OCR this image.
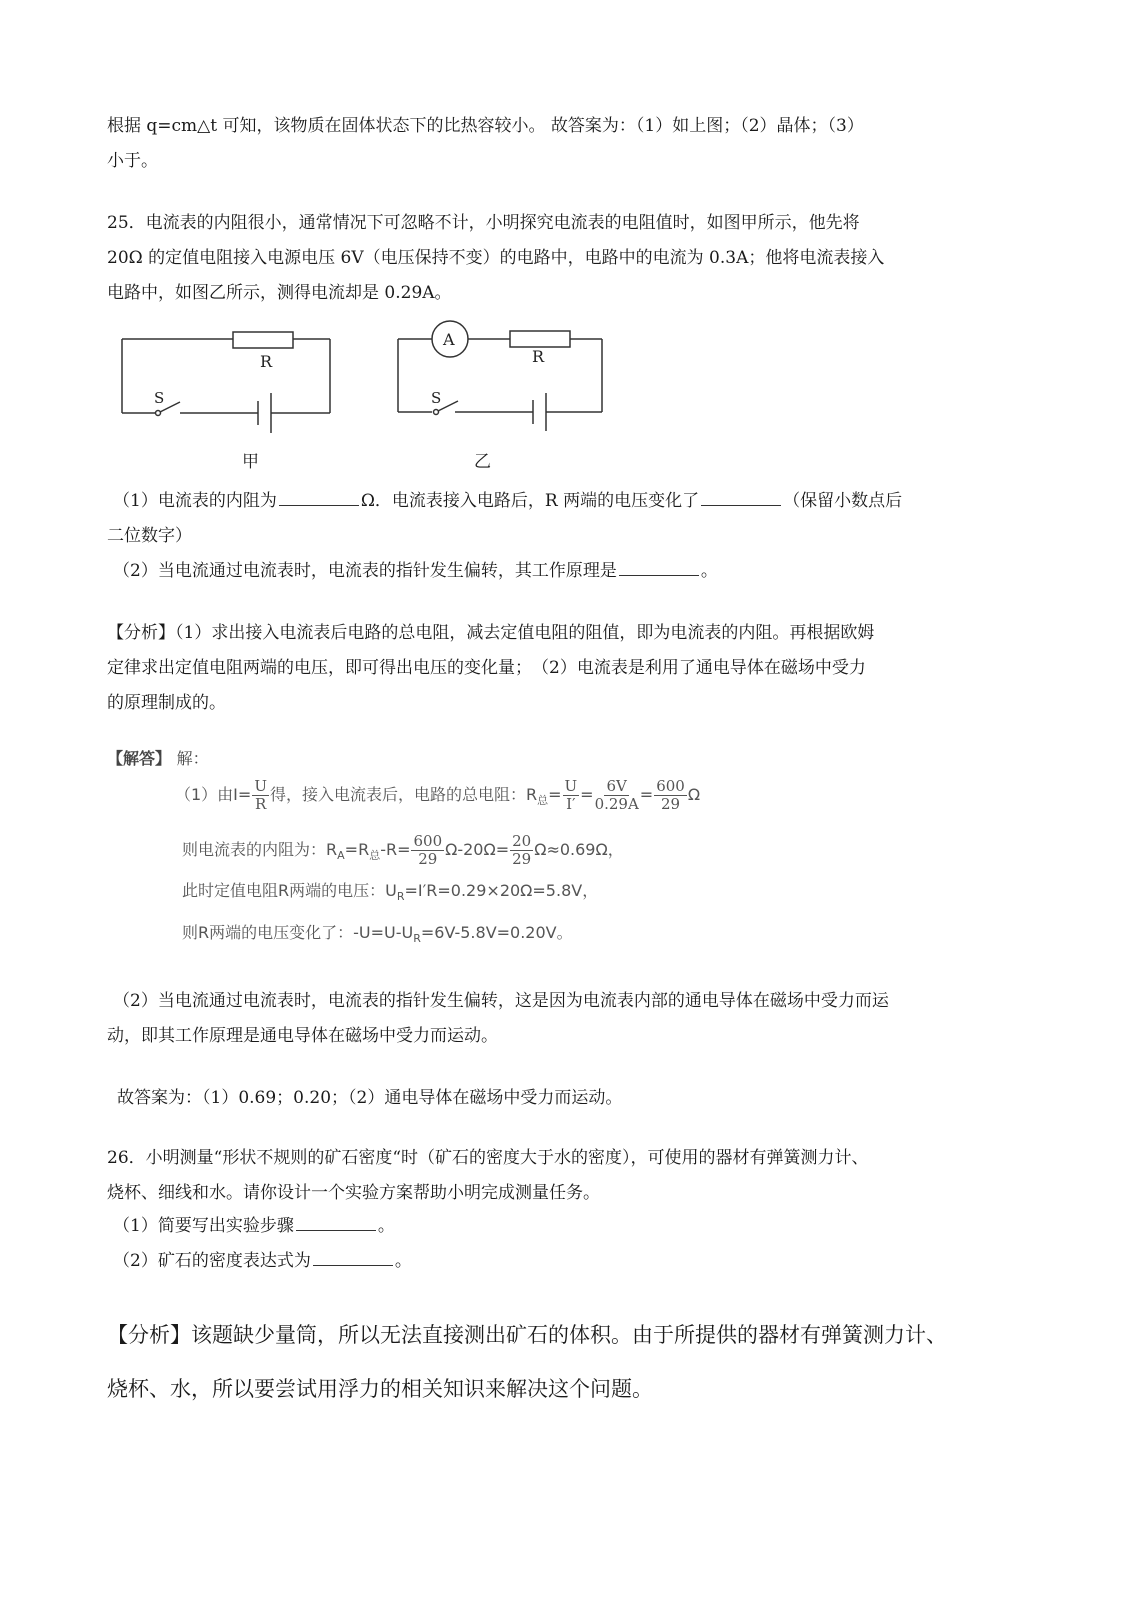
根据 q=cm△t 可知，该物质在固体状态下的比热容较小。 故答案为：（1）如上图；（2）晶体；（3）
小于。
25．电流表的内阻很小，通常情况下可忽略不计，小明探究电流表的电阻值时，如图甲所示，他先将
20Ω 的定值电阻接入电源电压 6V（电压保持不变）的电路中，电路中的电流为 0.3A；他将电流表接入
电路中，如图乙所示，测得电流却是 0.29A。
R
S
甲
A
R
S
乙
（1）电流表的内阻为	Ω．电流表接入电路后，R 两端的电压变化了	（保留小数点后
二位数字）
（2）当电流通过电流表时，电流表的指针发生偏转，其工作原理是	。
【分析】（1）求出接入电流表后电路的总电阻，减去定值电阻的阻值，即为电流表的内阻。再根据欧姆
定律求出定值电阻两端的电压，即可得出电压的变化量；　（2）电流表是利用了通电导体在磁场中受力
的原理制成的。
【解答】 解：
（1）由$I= \frac{U}{R}$ 得，接入电流表后，电路的总电阻：$R_总= \frac{U}{I'} = \frac{6V}{0.29A} = \frac{600}{29}$ Ω
则电流表的内阻为：$R_A=R_总-R= \frac{600}{29} \Omega-20\Omega= \frac{20}{29} \Omega\approx 0.69\Omega$，
此时定值电阻R两端的电压：$U_R=I'R=0.29\times 20\Omega=5.8V$，
则R两端的电压变化了：$-U=U-U_R=6V-5.8V=0.20V$。
（2）当电流通过电流表时，电流表的指针发生偏转，这是因为电流表内部的通电导体在磁场中受力而运
动，即其工作原理是通电导体在磁场中受力而运动。
故答案为：（1）0.69；0.20；（2）通电导体在磁场中受力而运动。
26．小明测量“形状不规则的矿石密度“时（矿石的密度大于水的密度），可使用的器材有弹簧测力计、
烧杯、细线和水。请你设计一个实验方案帮助小明完成测量任务。
（1）简要写出实验步骤	。
（2）矿石的密度表达式为	。
【分析】该题缺少量筒，所以无法直接测出矿石的体积。由于所提供的器材有弹簧测力计、
烧杯、水，所以要尝试用浮力的相关知识来解决这个问题。
